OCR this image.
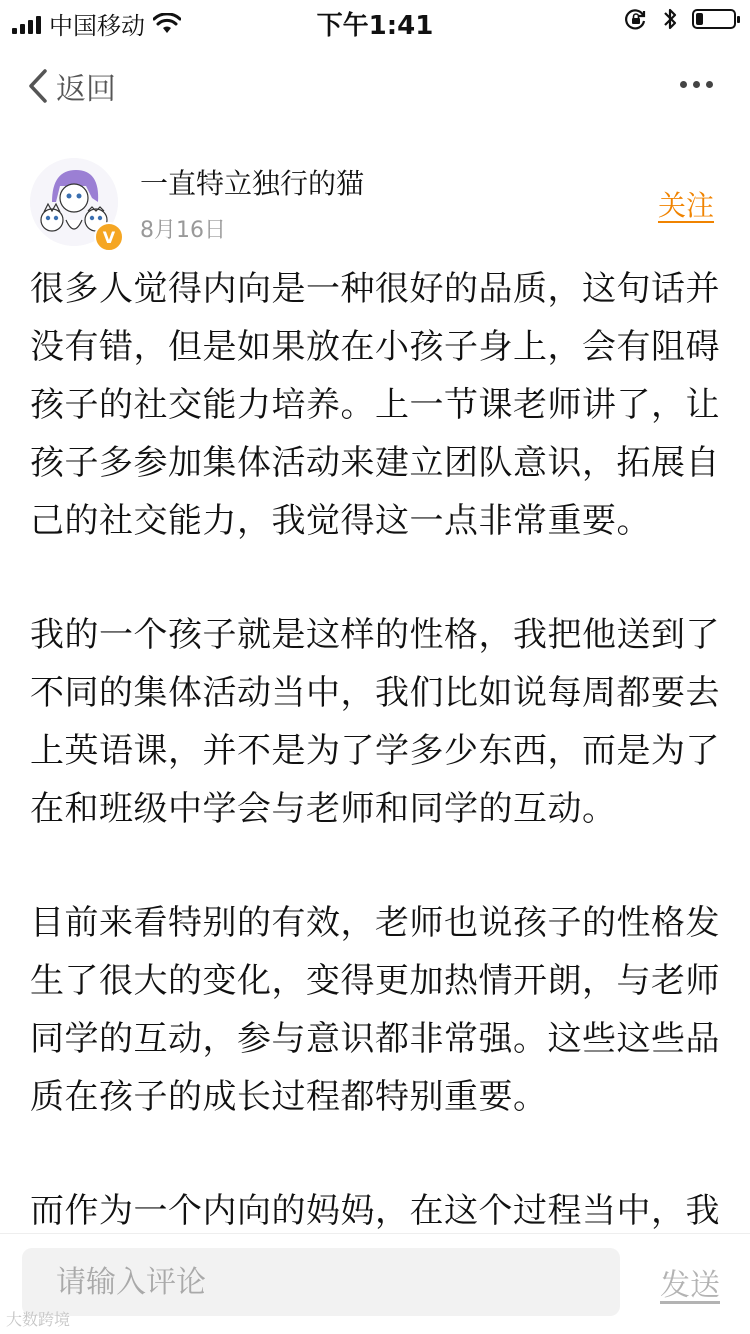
中国移动	下午1:41
返回
V
一直特立独行的猫
8月16日
关注

很多人觉得内向是一种很好的品质，这句话并没有错，但是如果放在小孩子身上，会有阻碍孩子的社交能力培养。上一节课老师讲了，让孩子多参加集体活动来建立团队意识，拓展自己的社交能力，我觉得这一点非常重要。

我的一个孩子就是这样的性格，我把他送到了不同的集体活动当中，我们比如说每周都要去上英语课，并不是为了学多少东西，而是为了在和班级中学会与老师和同学的互动。

目前来看特别的有效，老师也说孩子的性格发生了很大的变化，变得更加热情开朗，与老师同学的互动，参与意识都非常强。这些这些品质在孩子的成长过程都特别重要。

而作为一个内向的妈妈，在这个过程当中，我

请输入评论
发送
大数跨境
